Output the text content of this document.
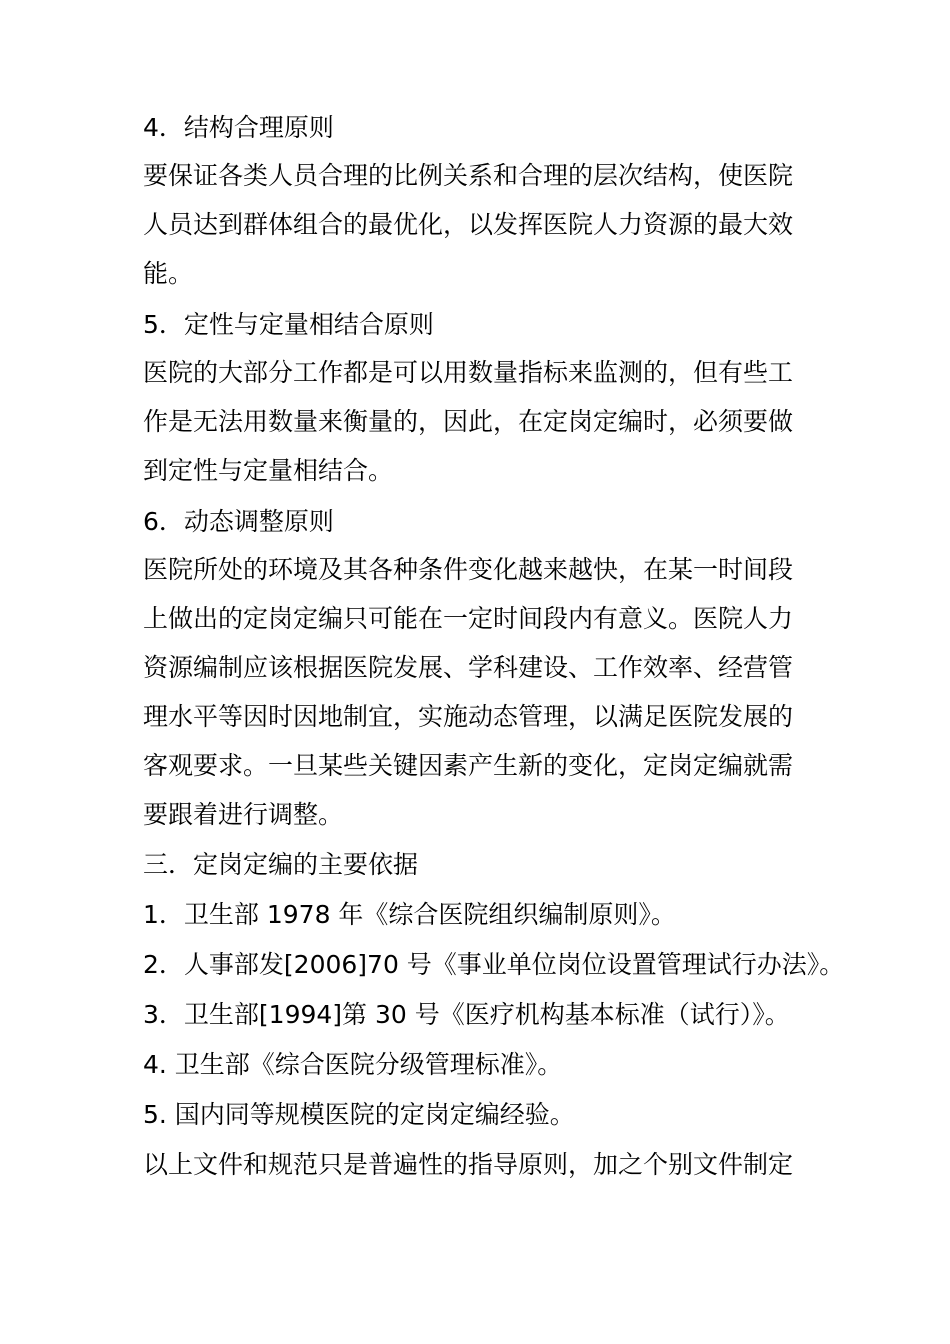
4．结构合理原则
要保证各类人员合理的比例关系和合理的层次结构，使医院
人员达到群体组合的最优化，以发挥医院人力资源的最大效
能。
5．定性与定量相结合原则
医院的大部分工作都是可以用数量指标来监测的，但有些工
作是无法用数量来衡量的，因此，在定岗定编时，必须要做
到定性与定量相结合。
6．动态调整原则
医院所处的环境及其各种条件变化越来越快，在某一时间段
上做出的定岗定编只可能在一定时间段内有意义。医院人力
资源编制应该根据医院发展、学科建设、工作效率、经营管
理水平等因时因地制宜，实施动态管理，以满足医院发展的
客观要求。一旦某些关键因素产生新的变化，定岗定编就需
要跟着进行调整。
三．定岗定编的主要依据
1．卫生部 1978 年《综合医院组织编制原则》。
2．人事部发[2006]70 号《事业单位岗位设置管理试行办法》。
3．卫生部[1994]第 30 号《医疗机构基本标准（试行）》。
4. 卫生部《综合医院分级管理标准》。
5. 国内同等规模医院的定岗定编经验。
以上文件和规范只是普遍性的指导原则，加之个别文件制定
